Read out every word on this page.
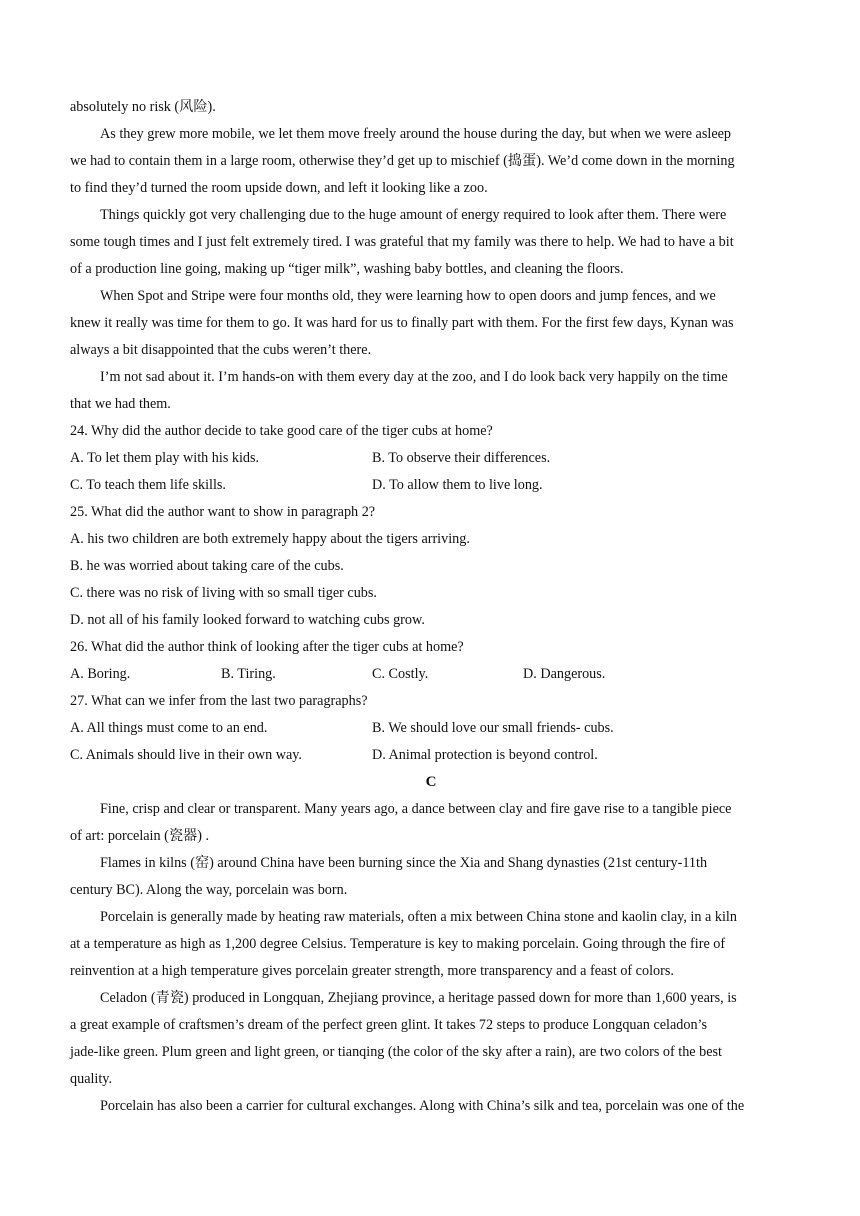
absolutely no risk (风险).
As they grew more mobile, we let them move freely around the house during the day, but when we were asleep
we had to contain them in a large room, otherwise they’d get up to mischief (捣蛋). We’d come down in the morning
to find they’d turned the room upside down, and left it looking like a zoo.
Things quickly got very challenging due to the huge amount of energy required to look after them. There were
some tough times and I just felt extremely tired. I was grateful that my family was there to help. We had to have a bit
of a production line going, making up “tiger milk”, washing baby bottles, and cleaning the floors.
When Spot and Stripe were four months old, they were learning how to open doors and jump fences, and we
knew it really was time for them to go. It was hard for us to finally part with them. For the first few days, Kynan was
always a bit disappointed that the cubs weren’t there.
I’m not sad about it. I’m hands-on with them every day at the zoo, and I do look back very happily on the time
that we had them.
24. Why did the author decide to take good care of the tiger cubs at home?
A. To let them play with his kids.	B. To observe their differences.
C. To teach them life skills.	D. To allow them to live long.
25. What did the author want to show in paragraph 2?
A. his two children are both extremely happy about the tigers arriving.
B. he was worried about taking care of the cubs.
C. there was no risk of living with so small tiger cubs.
D. not all of his family looked forward to watching cubs grow.
26. What did the author think of looking after the tiger cubs at home?
A. Boring.	B. Tiring.	C. Costly.	D. Dangerous.
27. What can we infer from the last two paragraphs?
A. All things must come to an end.	B. We should love our small friends- cubs.
C. Animals should live in their own way.	D. Animal protection is beyond control.
C
Fine, crisp and clear or transparent. Many years ago, a dance between clay and fire gave rise to a tangible piece
of art: porcelain (瓷器) .
Flames in kilns (窑) around China have been burning since the Xia and Shang dynasties (21st century-11th
century BC). Along the way, porcelain was born.
Porcelain is generally made by heating raw materials, often a mix between China stone and kaolin clay, in a kiln
at a temperature as high as 1,200 degree Celsius. Temperature is key to making porcelain. Going through the fire of
reinvention at a high temperature gives porcelain greater strength, more transparency and a feast of colors.
Celadon (青瓷) produced in Longquan, Zhejiang province, a heritage passed down for more than 1,600 years, is
a great example of craftsmen’s dream of the perfect green glint. It takes 72 steps to produce Longquan celadon’s
jade-like green. Plum green and light green, or tianqing (the color of the sky after a rain), are two colors of the best
quality.
Porcelain has also been a carrier for cultural exchanges. Along with China’s silk and tea, porcelain was one of the
